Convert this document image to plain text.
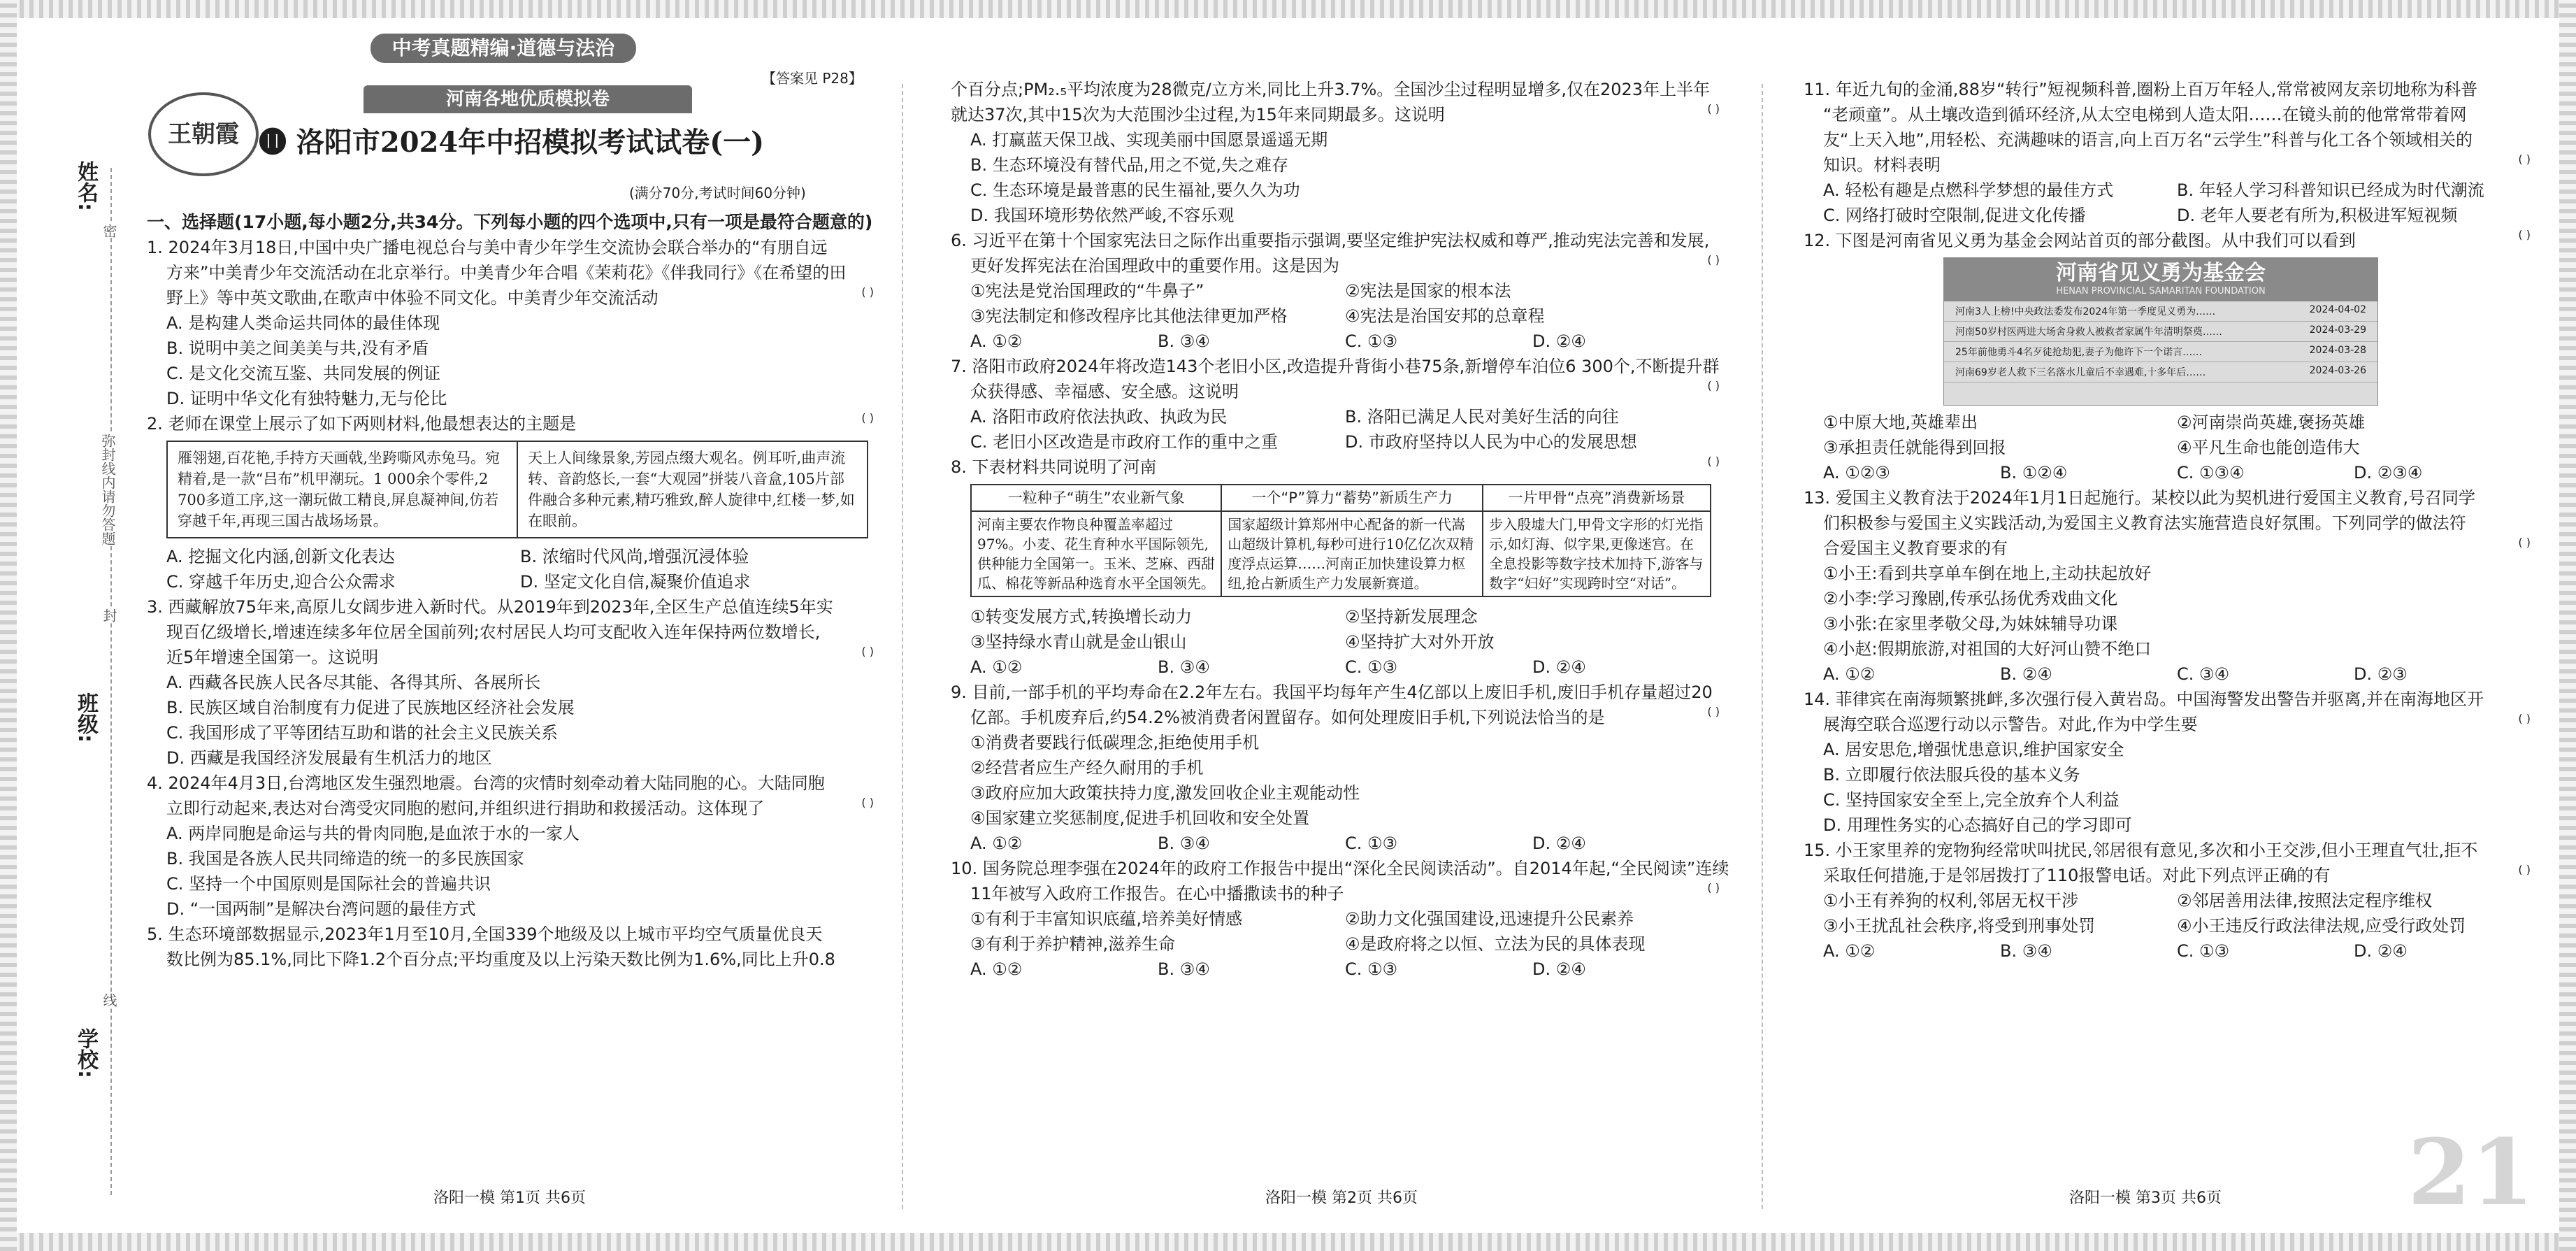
中考真题精编·道德与法治
【答案见 P28】
姓名:
班级:
学校:
密
封
线
弥封线内请勿答题
王朝霞
河南各地优质模拟卷
⓫ 洛阳市2024年中招模拟考试试卷(一)
(满分70分,考试时间60分钟)
一、选择题(17小题,每小题2分,共34分。下列每小题的四个选项中,只有一项是最符合题意的)
1. 2024年3月18日,中国中央广播电视总台与美中青少年学生交流协会联合举办的“有朋自远
方来”中美青少年交流活动在北京举行。中美青少年合唱《茉莉花》《伴我同行》《在希望的田
野上》等中英文歌曲,在歌声中体验不同文化。中美青少年交流活动	( )
A. 是构建人类命运共同体的最佳体现
B. 说明中美之间美美与共,没有矛盾
C. 是文化交流互鉴、共同发展的例证
D. 证明中华文化有独特魅力,无与伦比
2. 老师在课堂上展示了如下两则材料,他最想表达的主题是	( )
雁翎翅,百花艳,手持方天画戟,坐跨嘶风赤兔马。宛精着,是一款“吕布”机甲潮玩。1 000余个零件,2 700多道工序,这一潮玩做工精良,屏息凝神间,仿若穿越千年,再现三国古战场场景。
天上人间缘景象,芳园点缀大观名。例耳听,曲声流转、音韵悠长,一套“大观园”拼装八音盒,105片部件融合多种元素,精巧雅致,醉人旋律中,红楼一梦,如在眼前。
A. 挖掘文化内涵,创新文化表达	B. 浓缩时代风尚,增强沉浸体验
C. 穿越千年历史,迎合公众需求	D. 坚定文化自信,凝聚价值追求
3. 西藏解放75年来,高原儿女阔步进入新时代。从2019年到2023年,全区生产总值连续5年实
现百亿级增长,增速连续多年位居全国前列;农村居民人均可支配收入连年保持两位数增长,
近5年增速全国第一。这说明	( )
A. 西藏各民族人民各尽其能、各得其所、各展所长
B. 民族区域自治制度有力促进了民族地区经济社会发展
C. 我国形成了平等团结互助和谐的社会主义民族关系
D. 西藏是我国经济发展最有生机活力的地区
4. 2024年4月3日,台湾地区发生强烈地震。台湾的灾情时刻牵动着大陆同胞的心。大陆同胞
立即行动起来,表达对台湾受灾同胞的慰问,并组织进行捐助和救援活动。这体现了	( )
A. 两岸同胞是命运与共的骨肉同胞,是血浓于水的一家人
B. 我国是各族人民共同缔造的统一的多民族国家
C. 坚持一个中国原则是国际社会的普遍共识
D. “一国两制”是解决台湾问题的最佳方式
5. 生态环境部数据显示,2023年1月至10月,全国339个地级及以上城市平均空气质量优良天
数比例为85.1%,同比下降1.2个百分点;平均重度及以上污染天数比例为1.6%,同比上升0.8
个百分点;PM₂.₅平均浓度为28微克/立方米,同比上升3.7%。全国沙尘过程明显增多,仅在2023年上半年
就达37次,其中15次为大范围沙尘过程,为15年来同期最多。这说明	( )
A. 打赢蓝天保卫战、实现美丽中国愿景遥遥无期
B. 生态环境没有替代品,用之不觉,失之难存
C. 生态环境是最普惠的民生福祉,要久久为功
D. 我国环境形势依然严峻,不容乐观
6. 习近平在第十个国家宪法日之际作出重要指示强调,要坚定维护宪法权威和尊严,推动宪法完善和发展,
更好发挥宪法在治国理政中的重要作用。这是因为	( )
①宪法是党治国理政的“牛鼻子”	②宪法是国家的根本法
③宪法制定和修改程序比其他法律更加严格	④宪法是治国安邦的总章程
A. ①②	B. ③④	C. ①③	D. ②④
7. 洛阳市政府2024年将改造143个老旧小区,改造提升背街小巷75条,新增停车泊位6 300个,不断提升群
众获得感、幸福感、安全感。这说明	( )
A. 洛阳市政府依法执政、执政为民	B. 洛阳已满足人民对美好生活的向往
C. 老旧小区改造是市政府工作的重中之重	D. 市政府坚持以人民为中心的发展思想
8. 下表材料共同说明了河南	( )
一粒种子“萌生”农业新气象	一个“P”算力“蓄势”新质生产力	一片甲骨“点亮”消费新场景
河南主要农作物良种覆盖率超过97%。小麦、花生育种水平国际领先,供种能力全国第一。玉米、芝麻、西甜瓜、棉花等新品种选育水平全国领先。	国家超级计算郑州中心配备的新一代嵩山超级计算机,每秒可进行10亿亿次双精度浮点运算……河南正加快建设算力枢纽,抢占新质生产力发展新赛道。	步入殷墟大门,甲骨文字形的灯光指示,如灯海、似字果,更像迷宫。在全息投影等数字技术加持下,游客与数字“妇好”实现跨时空“对话”。
①转变发展方式,转换增长动力	②坚持新发展理念
③坚持绿水青山就是金山银山	④坚持扩大对外开放
A. ①②	B. ③④	C. ①③	D. ②④
9. 目前,一部手机的平均寿命在2.2年左右。我国平均每年产生4亿部以上废旧手机,废旧手机存量超过20
亿部。手机废弃后,约54.2%被消费者闲置留存。如何处理废旧手机,下列说法恰当的是	( )
①消费者要践行低碳理念,拒绝使用手机
②经营者应生产经久耐用的手机
③政府应加大政策扶持力度,激发回收企业主观能动性
④国家建立奖惩制度,促进手机回收和安全处置
A. ①②	B. ③④	C. ①③	D. ②④
10. 国务院总理李强在2024年的政府工作报告中提出“深化全民阅读活动”。自2014年起,“全民阅读”连续
11年被写入政府工作报告。在心中播撒读书的种子	( )
①有利于丰富知识底蕴,培养美好情感	②助力文化强国建设,迅速提升公民素养
③有利于养护精神,滋养生命	④是政府将之以恒、立法为民的具体表现
A. ①②	B. ③④	C. ①③	D. ②④
11. 年近九旬的金涌,88岁“转行”短视频科普,圈粉上百万年轻人,常常被网友亲切地称为科普
“老顽童”。从土壤改造到循环经济,从太空电梯到人造太阳……在镜头前的他常常带着网
友“上天入地”,用轻松、充满趣味的语言,向上百万名“云学生”科普与化工各个领域相关的
知识。材料表明	( )
A. 轻松有趣是点燃科学梦想的最佳方式	B. 年轻人学习科普知识已经成为时代潮流
C. 网络打破时空限制,促进文化传播	D. 老年人要老有所为,积极进军短视频
12. 下图是河南省见义勇为基金会网站首页的部分截图。从中我们可以看到	( )
河南省见义勇为基金会
HENAN PROVINCIAL SAMARITAN FOUNDATION
河南3人上榜!中央政法委发布2024年第一季度见义勇为……	2024-04-02
河南50岁村医两进大场舍身救人被救者家属牛年清明祭奠……	2024-03-29
25年前他勇斗4名歹徒抢劫犯,妻子为他许下一个诺言……	2024-03-28
河南69岁老人救下三名落水儿童后不幸遇难,十多年后……	2024-03-26
①中原大地,英雄辈出	②河南崇尚英雄,褒扬英雄
③承担责任就能得到回报	④平凡生命也能创造伟大
A. ①②③	B. ①②④	C. ①③④	D. ②③④
13. 爱国主义教育法于2024年1月1日起施行。某校以此为契机进行爱国主义教育,号召同学
们积极参与爱国主义实践活动,为爱国主义教育法实施营造良好氛围。下列同学的做法符
合爱国主义教育要求的有	( )
①小王:看到共享单车倒在地上,主动扶起放好
②小李:学习豫剧,传承弘扬优秀戏曲文化
③小张:在家里孝敬父母,为妹妹辅导功课
④小赵:假期旅游,对祖国的大好河山赞不绝口
A. ①②	B. ②④	C. ③④	D. ②③
14. 菲律宾在南海频繁挑衅,多次强行侵入黄岩岛。中国海警发出警告并驱离,并在南海地区开
展海空联合巡逻行动以示警告。对此,作为中学生要	( )
A. 居安思危,增强忧患意识,维护国家安全
B. 立即履行依法服兵役的基本义务
C. 坚持国家安全至上,完全放弃个人利益
D. 用理性务实的心态搞好自己的学习即可
15. 小王家里养的宠物狗经常吠叫扰民,邻居很有意见,多次和小王交涉,但小王理直气壮,拒不
采取任何措施,于是邻居拨打了110报警电话。对此下列点评正确的有	( )
①小王有养狗的权利,邻居无权干涉	②邻居善用法律,按照法定程序维权
③小王扰乱社会秩序,将受到刑事处罚	④小王违反行政法律法规,应受行政处罚
A. ①②	B. ③④	C. ①③	D. ②④
洛阳一模 第1页 共6页	洛阳一模 第2页 共6页	洛阳一模 第3页 共6页 21
